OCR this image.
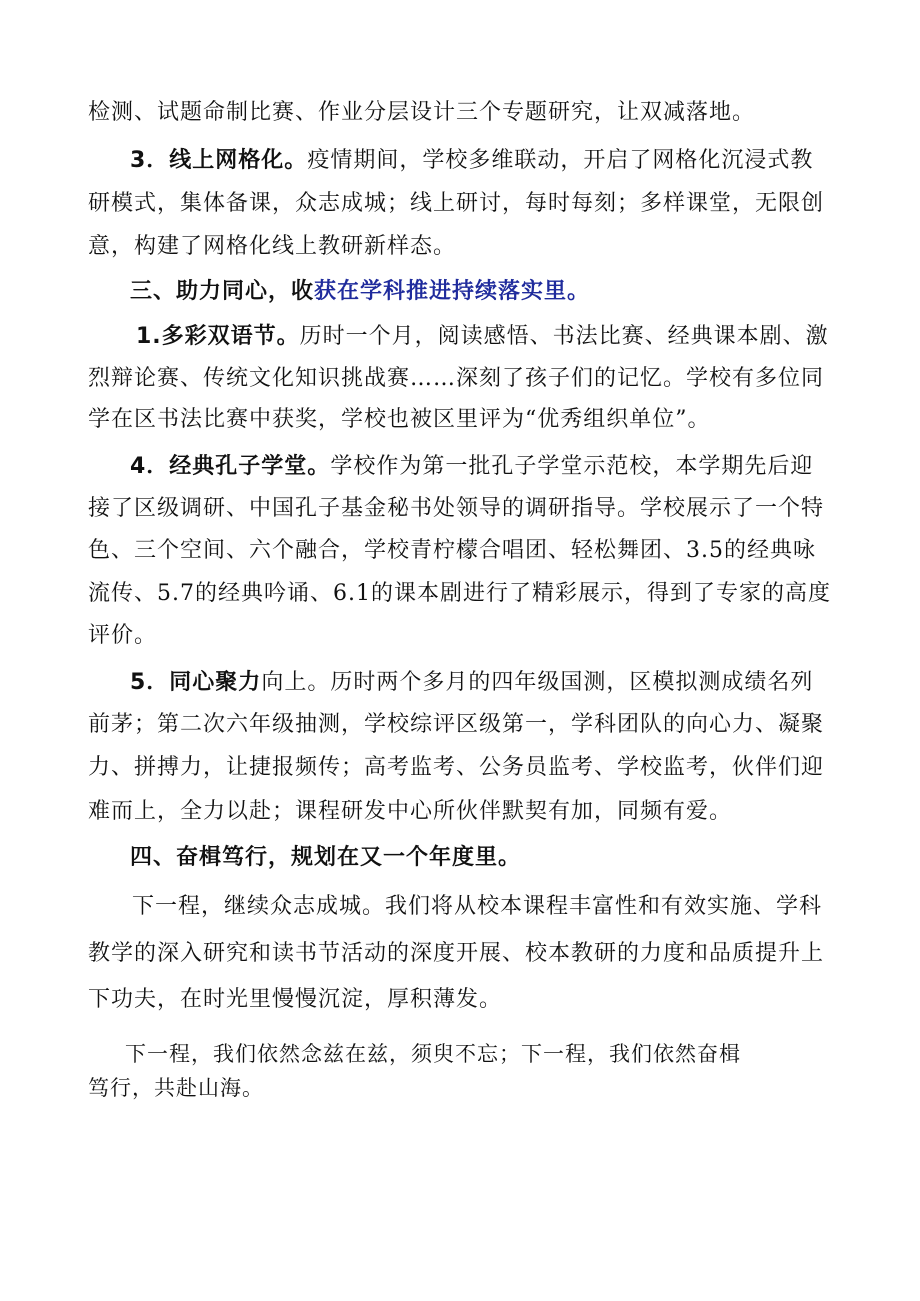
检测、试题命制比赛、作业分层设计三个专题研究，让双减落地。
3．线上网格化。疫情期间，学校多维联动，开启了网格化沉浸式教
研模式，集体备课，众志成城；线上研讨，每时每刻；多样课堂，无限创
意，构建了网格化线上教研新样态。
三、助力同心，收获在学科推进持续落实里。
1.多彩双语节。历时一个月，阅读感悟、书法比赛、经典课本剧、激
烈辩论赛、传统文化知识挑战赛……深刻了孩子们的记忆。学校有多位同
学在区书法比赛中获奖，学校也被区里评为“优秀组织单位”。
4．经典孔子学堂。学校作为第一批孔子学堂示范校，本学期先后迎
接了区级调研、中国孔子基金秘书处领导的调研指导。学校展示了一个特
色、三个空间、六个融合，学校青柠檬合唱团、轻松舞团、3.5的经典咏
流传、5.7的经典吟诵、6.1的课本剧进行了精彩展示，得到了专家的高度
评价。
5．同心聚力向上。历时两个多月的四年级国测，区模拟测成绩名列
前茅；第二次六年级抽测，学校综评区级第一，学科团队的向心力、凝聚
力、拼搏力，让捷报频传；高考监考、公务员监考、学校监考，伙伴们迎
难而上，全力以赴；课程研发中心所伙伴默契有加，同频有爱。
四、奋楫笃行，规划在又一个年度里。
下一程，继续众志成城。我们将从校本课程丰富性和有效实施、学科
教学的深入研究和读书节活动的深度开展、校本教研的力度和品质提升上
下功夫，在时光里慢慢沉淀，厚积薄发。
下一程，我们依然念兹在兹，须臾不忘；下一程，我们依然奋楫
笃行，共赴山海。
